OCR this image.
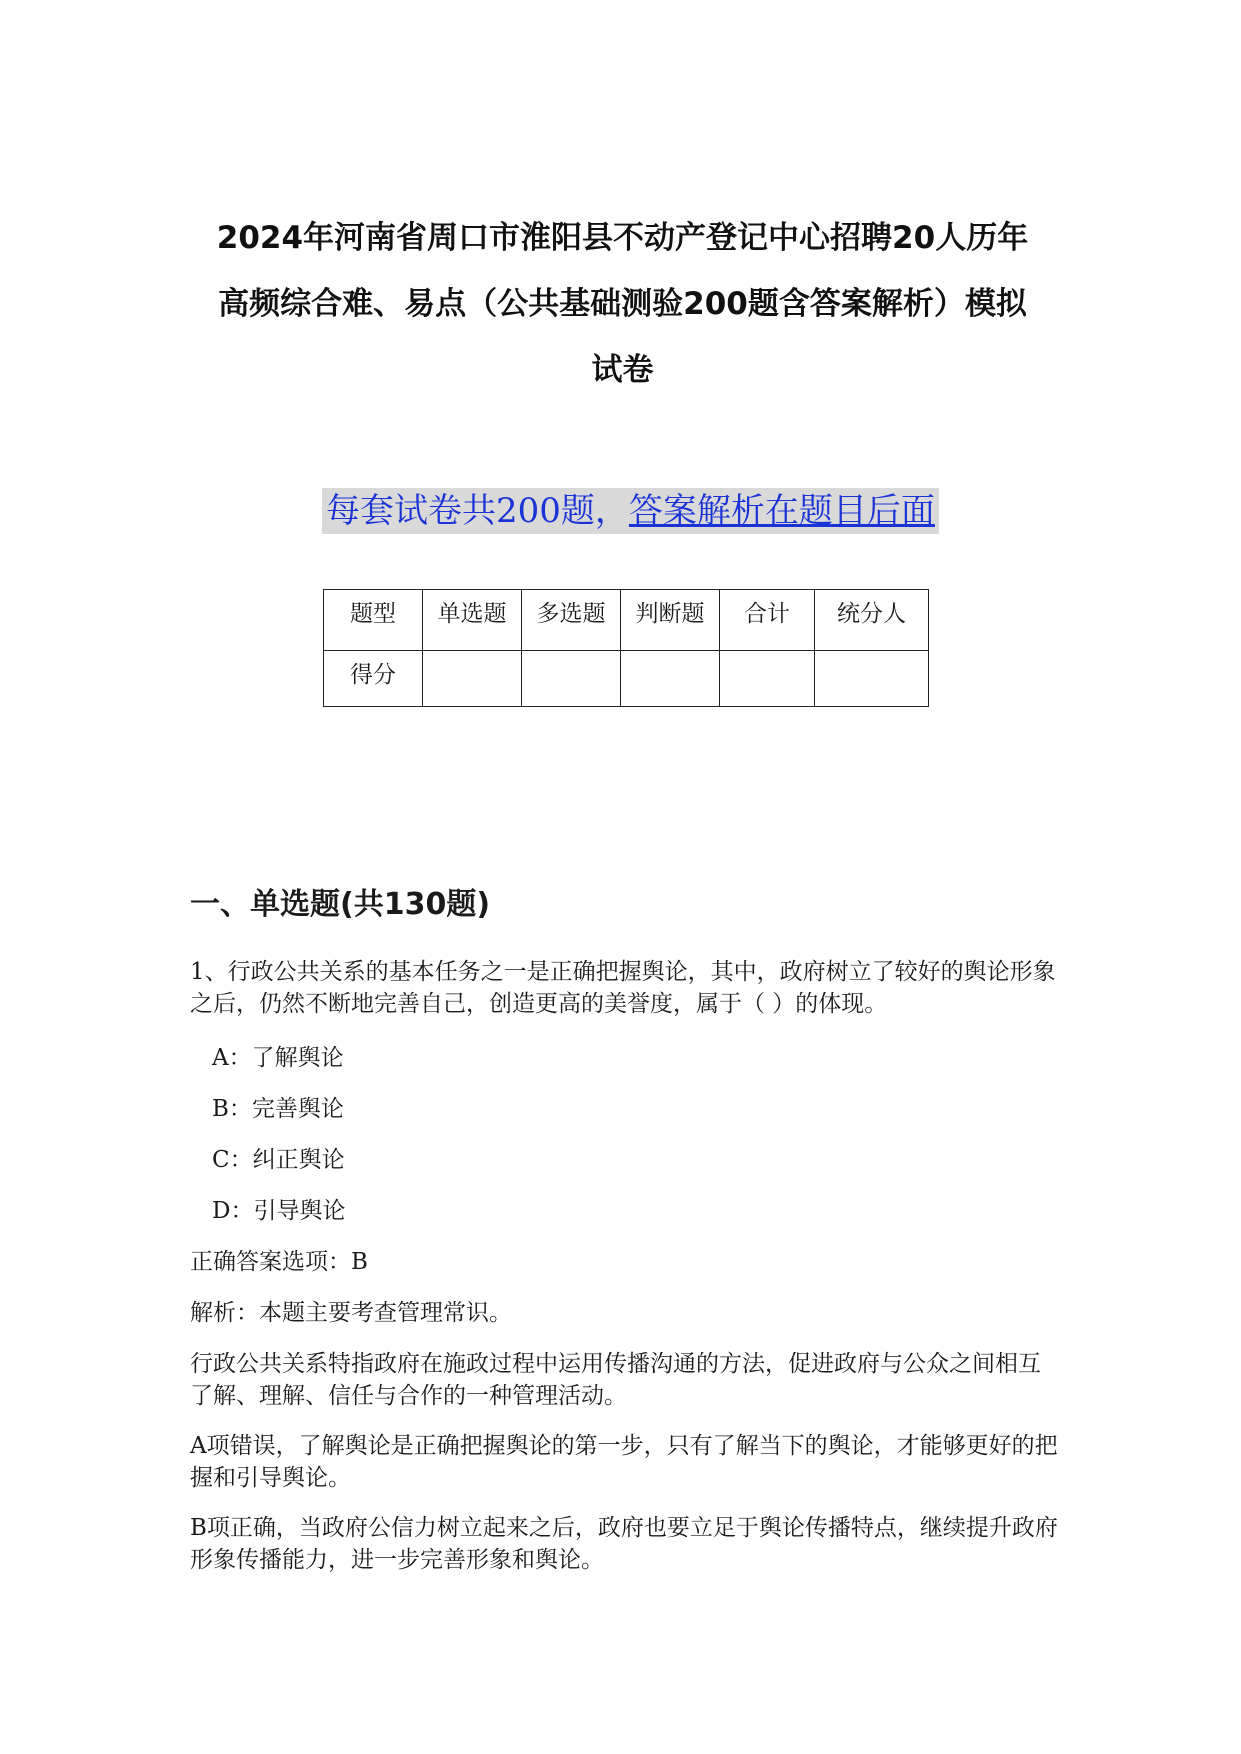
2024年河南省周口市淮阳县不动产登记中心招聘20人历年
高频综合难、易点（公共基础测验200题含答案解析）模拟
试卷
每套试卷共200题，答案解析在题目后面
题型	单选题	多选题	判断题	合计	统分人
得分					
一、单选题(共130题)
1、行政公共关系的基本任务之一是正确把握舆论，其中，政府树立了较好的舆论形象之后，仍然不断地完善自己，创造更高的美誉度，属于（ ）的体现。
A：了解舆论
B：完善舆论
C：纠正舆论
D：引导舆论
正确答案选项：B
解析：本题主要考查管理常识。
行政公共关系特指政府在施政过程中运用传播沟通的方法，促进政府与公众之间相互了解、理解、信任与合作的一种管理活动。
A项错误，了解舆论是正确把握舆论的第一步，只有了解当下的舆论，才能够更好的把握和引导舆论。
B项正确，当政府公信力树立起来之后，政府也要立足于舆论传播特点，继续提升政府形象传播能力，进一步完善形象和舆论。
